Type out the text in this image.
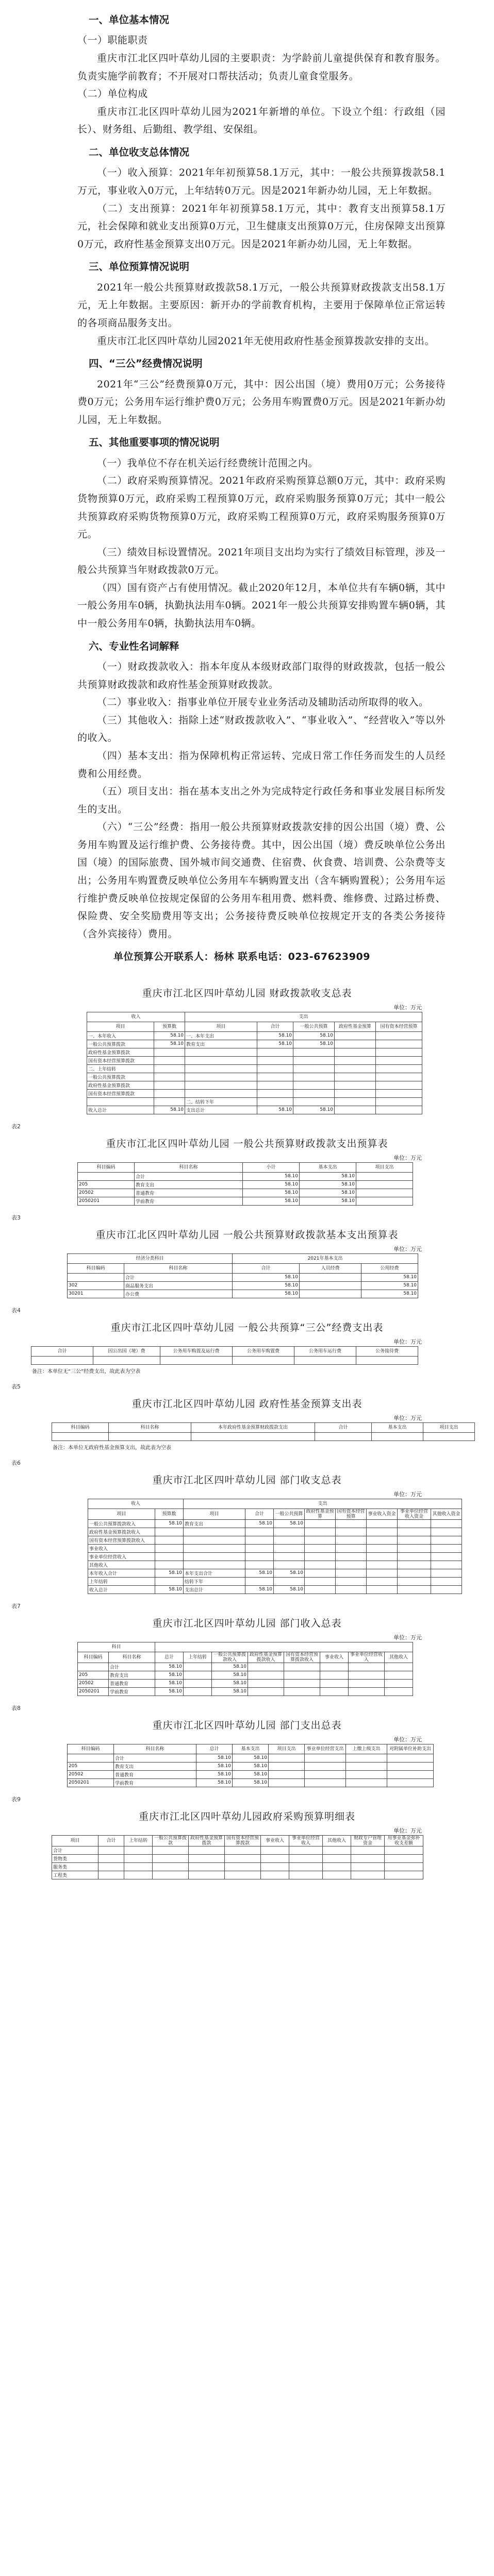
一、单位基本情况

（一）职能职责

重庆市江北区四叶草幼儿园的主要职责：为学龄前儿童提供保育和教育服务。负责实施学前教育；不开展对口帮扶活动；负责儿童食堂服务。

（二）单位构成

重庆市江北区四叶草幼儿园为2021年新增的单位。下设立个组：行政组（园长）、财务组、后勤组、教学组、安保组。

二、单位收支总体情况

（一）收入预算：2021年年初预算58.1万元，其中：一般公共预算拨款58.1万元，事业收入0万元，上年结转0万元。因是2021年新办幼儿园，无上年数据。

（二）支出预算：2021年年初预算58.1万元，其中：教育支出预算58.1万元，社会保障和就业支出预算0万元，卫生健康支出预算0万元，住房保障支出预算0万元，政府性基金预算支出0万元。因是2021年新办幼儿园，无上年数据。

三、单位预算情况说明

2021年一般公共预算财政拨款58.1万元，一般公共预算财政拨款支出58.1万元，无上年数据。主要原因：新开办的学前教育机构，主要用于保障单位正常运转的各项商品服务支出。

重庆市江北区四叶草幼儿园2021年无使用政府性基金预算拨款安排的支出。

四、“三公”经费情况说明

2021年“三公”经费预算0万元，其中：因公出国（境）费用0万元；公务接待费0万元；公务用车运行维护费0万元；公务用车购置费0万元。因是2021年新办幼儿园，无上年数据。

五、其他重要事项的情况说明

（一）我单位不存在机关运行经费统计范围之内。

（二）政府采购预算情况。2021年政府采购预算总额0万元，其中：政府采购货物预算0万元，政府采购工程预算0万元，政府采购服务预算0万元；其中一般公共预算政府采购货物预算0万元，政府采购工程预算0万元，政府采购服务预算0万元。

（三）绩效目标设置情况。2021年项目支出均为实行了绩效目标管理，涉及一般公共预算当年财政拨款0万元。

（四）国有资产占有使用情况。截止2020年12月，本单位共有车辆0辆，其中一般公务用车0辆，执勤执法用车0辆。2021年一般公共预算安排购置车辆0辆，其中一般公务用车0辆，执勤执法用车0辆。

六、专业性名词解释

（一）财政拨款收入：指本年度从本级财政部门取得的财政拨款，包括一般公共预算财政拨款和政府性基金预算财政拨款。

（二）事业收入：指事业单位开展专业业务活动及辅助活动所取得的收入。

（三）其他收入：指除上述“财政拨款收入”、“事业收入”、“经营收入”等以外的收入。

（四）基本支出：指为保障机构正常运转、完成日常工作任务而发生的人员经费和公用经费。

（五）项目支出：指在基本支出之外为完成特定行政任务和事业发展目标所发生的支出。

（六）“三公”经费：指用一般公共预算财政拨款安排的因公出国（境）费、公务用车购置及运行维护费、公务接待费。其中，因公出国（境）费反映单位公务出国（境）的国际旅费、国外城市间交通费、住宿费、伙食费、培训费、公杂费等支出；公务用车购置费反映单位公务用车车辆购置支出（含车辆购置税）；公务用车运行维护费反映单位按规定保留的公务用车租用费、燃料费、维修费、过路过桥费、保险费、安全奖励费用等支出；公务接待费反映单位按规定开支的各类公务接待（含外宾接待）费用。

单位预算公开联系人：杨林 联系电话：023-67623909

重庆市江北区四叶草幼儿园 财政拨款收支总表
单位：万元
收入		支出				
项目	预算数	项目	合计	一般公共预算	政府性基金预算	国有资本经营预算
一、本年收入	58.10	一、本年支出	58.10	58.10		
一般公共预算拨款	58.10	教育支出	58.10	58.10		
政府性基金预算拨款						
国有资本经营预算拨款						
二、上年结转						
一般公共预算拨款						
政府性基金预算拨款						
国有资本经营预算拨款						
		二、结转下年				
收入总计	58.10	支出总计	58.10	58.10		
表2
重庆市江北区四叶草幼儿园 一般公共预算财政拨款支出预算表
单位：万元
科目编码	科目名称	小计	基本支出	项目支出
	合计	58.10	58.10	
205	教育支出	58.10	58.10	
20502	普通教育	58.10	58.10	
2050201	学前教育	58.10	58.10	
表3
重庆市江北区四叶草幼儿园 一般公共预算财政拨款基本支出预算表
单位：万元
经济分类科目		2021年基本支出		
科目编码	科目名称	合计	人员经费	公用经费
	合计	58.10		58.10
302	商品服务支出	58.10		58.10
30201	办公费	58.10		58.10
表4
重庆市江北区四叶草幼儿园 一般公共预算“三公”经费支出表
单位：万元
合计	因公出国（境）费	公务用车购置及运行费	公务用车购置费	公务用车运行费	公务接待费

备注：本单位无“三公”经费支出，故此表为空表
表5
重庆市江北区四叶草幼儿园 政府性基金预算支出表
单位：万元
科目编码	科目名称	本年政府性基金预算财政拨款支出	合计	基本支出	项目支出

备注：本单位无政府性基金预算支出，故此表为空表
表6
重庆市江北区四叶草幼儿园 部门收支总表
单位：万元
收入		支出							
项目	预算数	项目	合计	一般公共预算	政府性基金预算	国有资本经营预算	事业收入资金	事业单位经营收入资金	其他收入资金
一般公共预算拨款收入	58.10	教育支出	58.10	58.10					
政府性基金预算拨款收入									
国有资本经营预算拨款收入									
事业收入									
事业单位经营收入									
其他收入									
本年收入合计	58.10	本年支出合计	58.10	58.10					
上年结转		结转下年							
收入总计	58.10	支出总计	58.10	58.10					
表7
重庆市江北区四叶草幼儿园 部门收入总表
单位：万元
科目									
科目编码	科目名称	总计	上年结转	一般公共预算拨款收入	政府性基金预算拨款收入	国有资本经营预算拨款收入	事业收入	事业单位经营收入	其他收入
	合计	58.10		58.10					
205	教育支出	58.10		58.10					
20502	普通教育	58.10		58.10					
2050201	学前教育	58.10		58.10					
表8
重庆市江北区四叶草幼儿园 部门支出总表
单位：万元
科目编码	科目名称	总计	基本支出	项目支出	事业单位经营支出	上缴上级支出	对附属单位补助支出
	合计	58.10	58.10				
205	教育支出	58.10	58.10				
20502	普通教育	58.10	58.10				
2050201	学前教育	58.10	58.10				
表9
重庆市江北区四叶草幼儿园政府采购预算明细表
单位：万元
项目	合计	上年结转	一般公共预算拨款	政府性基金预算拨款	国有资本经营预算拨款	事业收入	事业单位经营收入	其他收入	财政专户管理资金	用事业基金弥补收支差额
合计										
货物类										
服务类										
工程类										
